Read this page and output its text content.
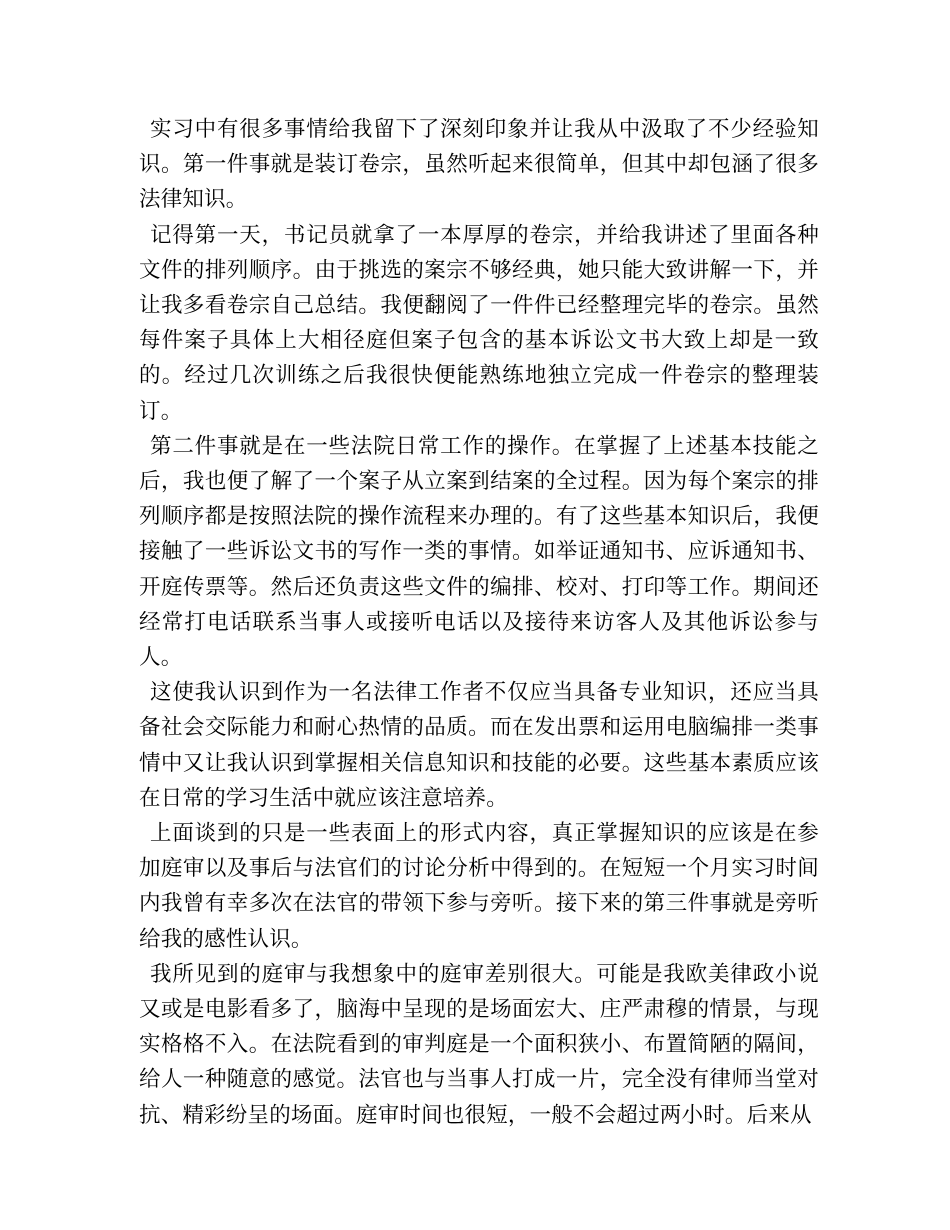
实习中有很多事情给我留下了深刻印象并让我从中汲取了不少经验知识。第一件事就是装订卷宗，虽然听起来很简单，但其中却包涵了很多法律知识。

记得第一天，书记员就拿了一本厚厚的卷宗，并给我讲述了里面各种文件的排列顺序。由于挑选的案宗不够经典，她只能大致讲解一下，并让我多看卷宗自己总结。我便翻阅了一件件已经整理完毕的卷宗。虽然每件案子具体上大相径庭但案子包含的基本诉讼文书大致上却是一致的。经过几次训练之后我很快便能熟练地独立完成一件卷宗的整理装订。

第二件事就是在一些法院日常工作的操作。在掌握了上述基本技能之后，我也便了解了一个案子从立案到结案的全过程。因为每个案宗的排列顺序都是按照法院的操作流程来办理的。有了这些基本知识后，我便接触了一些诉讼文书的写作一类的事情。如举证通知书、应诉通知书、开庭传票等。然后还负责这些文件的编排、校对、打印等工作。期间还经常打电话联系当事人或接听电话以及接待来访客人及其他诉讼参与人。

这使我认识到作为一名法律工作者不仅应当具备专业知识，还应当具备社会交际能力和耐心热情的品质。而在发出票和运用电脑编排一类事情中又让我认识到掌握相关信息知识和技能的必要。这些基本素质应该在日常的学习生活中就应该注意培养。

上面谈到的只是一些表面上的形式内容，真正掌握知识的应该是在参加庭审以及事后与法官们的讨论分析中得到的。在短短一个月实习时间内我曾有幸多次在法官的带领下参与旁听。接下来的第三件事就是旁听给我的感性认识。

我所见到的庭审与我想象中的庭审差别很大。可能是我欧美律政小说又或是电影看多了，脑海中呈现的是场面宏大、庄严肃穆的情景，与现实格格不入。在法院看到的审判庭是一个面积狭小、布置简陋的隔间，给人一种随意的感觉。法官也与当事人打成一片，完全没有律师当堂对抗、精彩纷呈的场面。庭审时间也很短，一般不会超过两小时。后来从
